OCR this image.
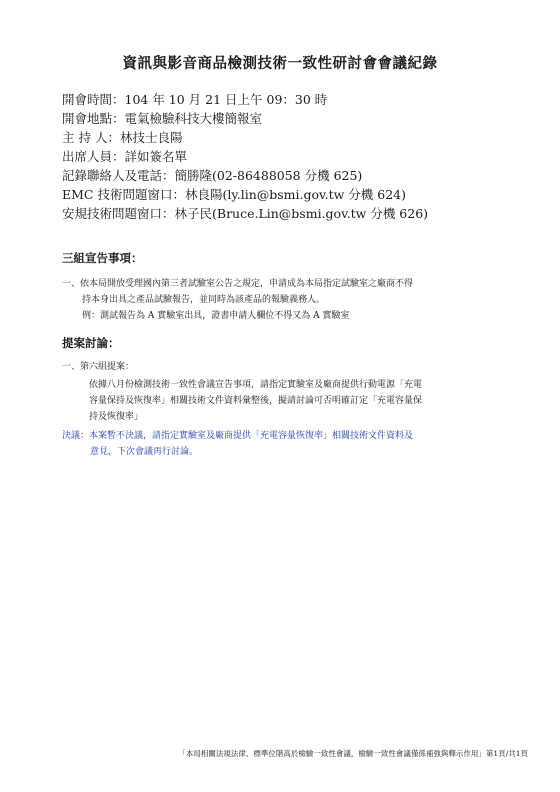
資訊與影音商品檢測技術一致性研討會會議紀錄
開會時間：104 年 10 月 21 日上午 09：30 時
開會地點：電氣檢驗科技大樓簡報室
主 持 人：林技士良陽
出席人員：詳如簽名單
記錄聯絡人及電話：簡勝隆(02-86488058 分機 625)
EMC 技術問題窗口：林良陽(ly.lin@bsmi.gov.tw 分機 624)
安規技術問題窗口：林子民(Bruce.Lin@bsmi.gov.tw 分機 626)
三組宣告事項：
一、依本局開放受理國內第三者試驗室公告之規定，申請成為本局指定試驗室之廠商不得
持本身出具之產品試驗報告，並同時為該產品的報驗義務人。
例：測試報告為 A 實驗室出具，證書申請人欄位不得又為 A 實驗室
提案討論：
一、第六組提案：
依據八月份檢測技術一致性會議宣告事項，請指定實驗室及廠商提供行動電源「充電
容量保持及恢復率」相關技術文件資料彙整後，擬請討論可否明確訂定「充電容量保
持及恢復率」
決議：本案暫不決議，請指定實驗室及廠商提供「充電容量恢復率」相關技術文件資料及
意見，下次會議再行討論。
「本局相關法規法律、標準位階高於檢驗一致性會議，檢驗一致性會議僅係補強與釋示作用」第1頁/共1頁
